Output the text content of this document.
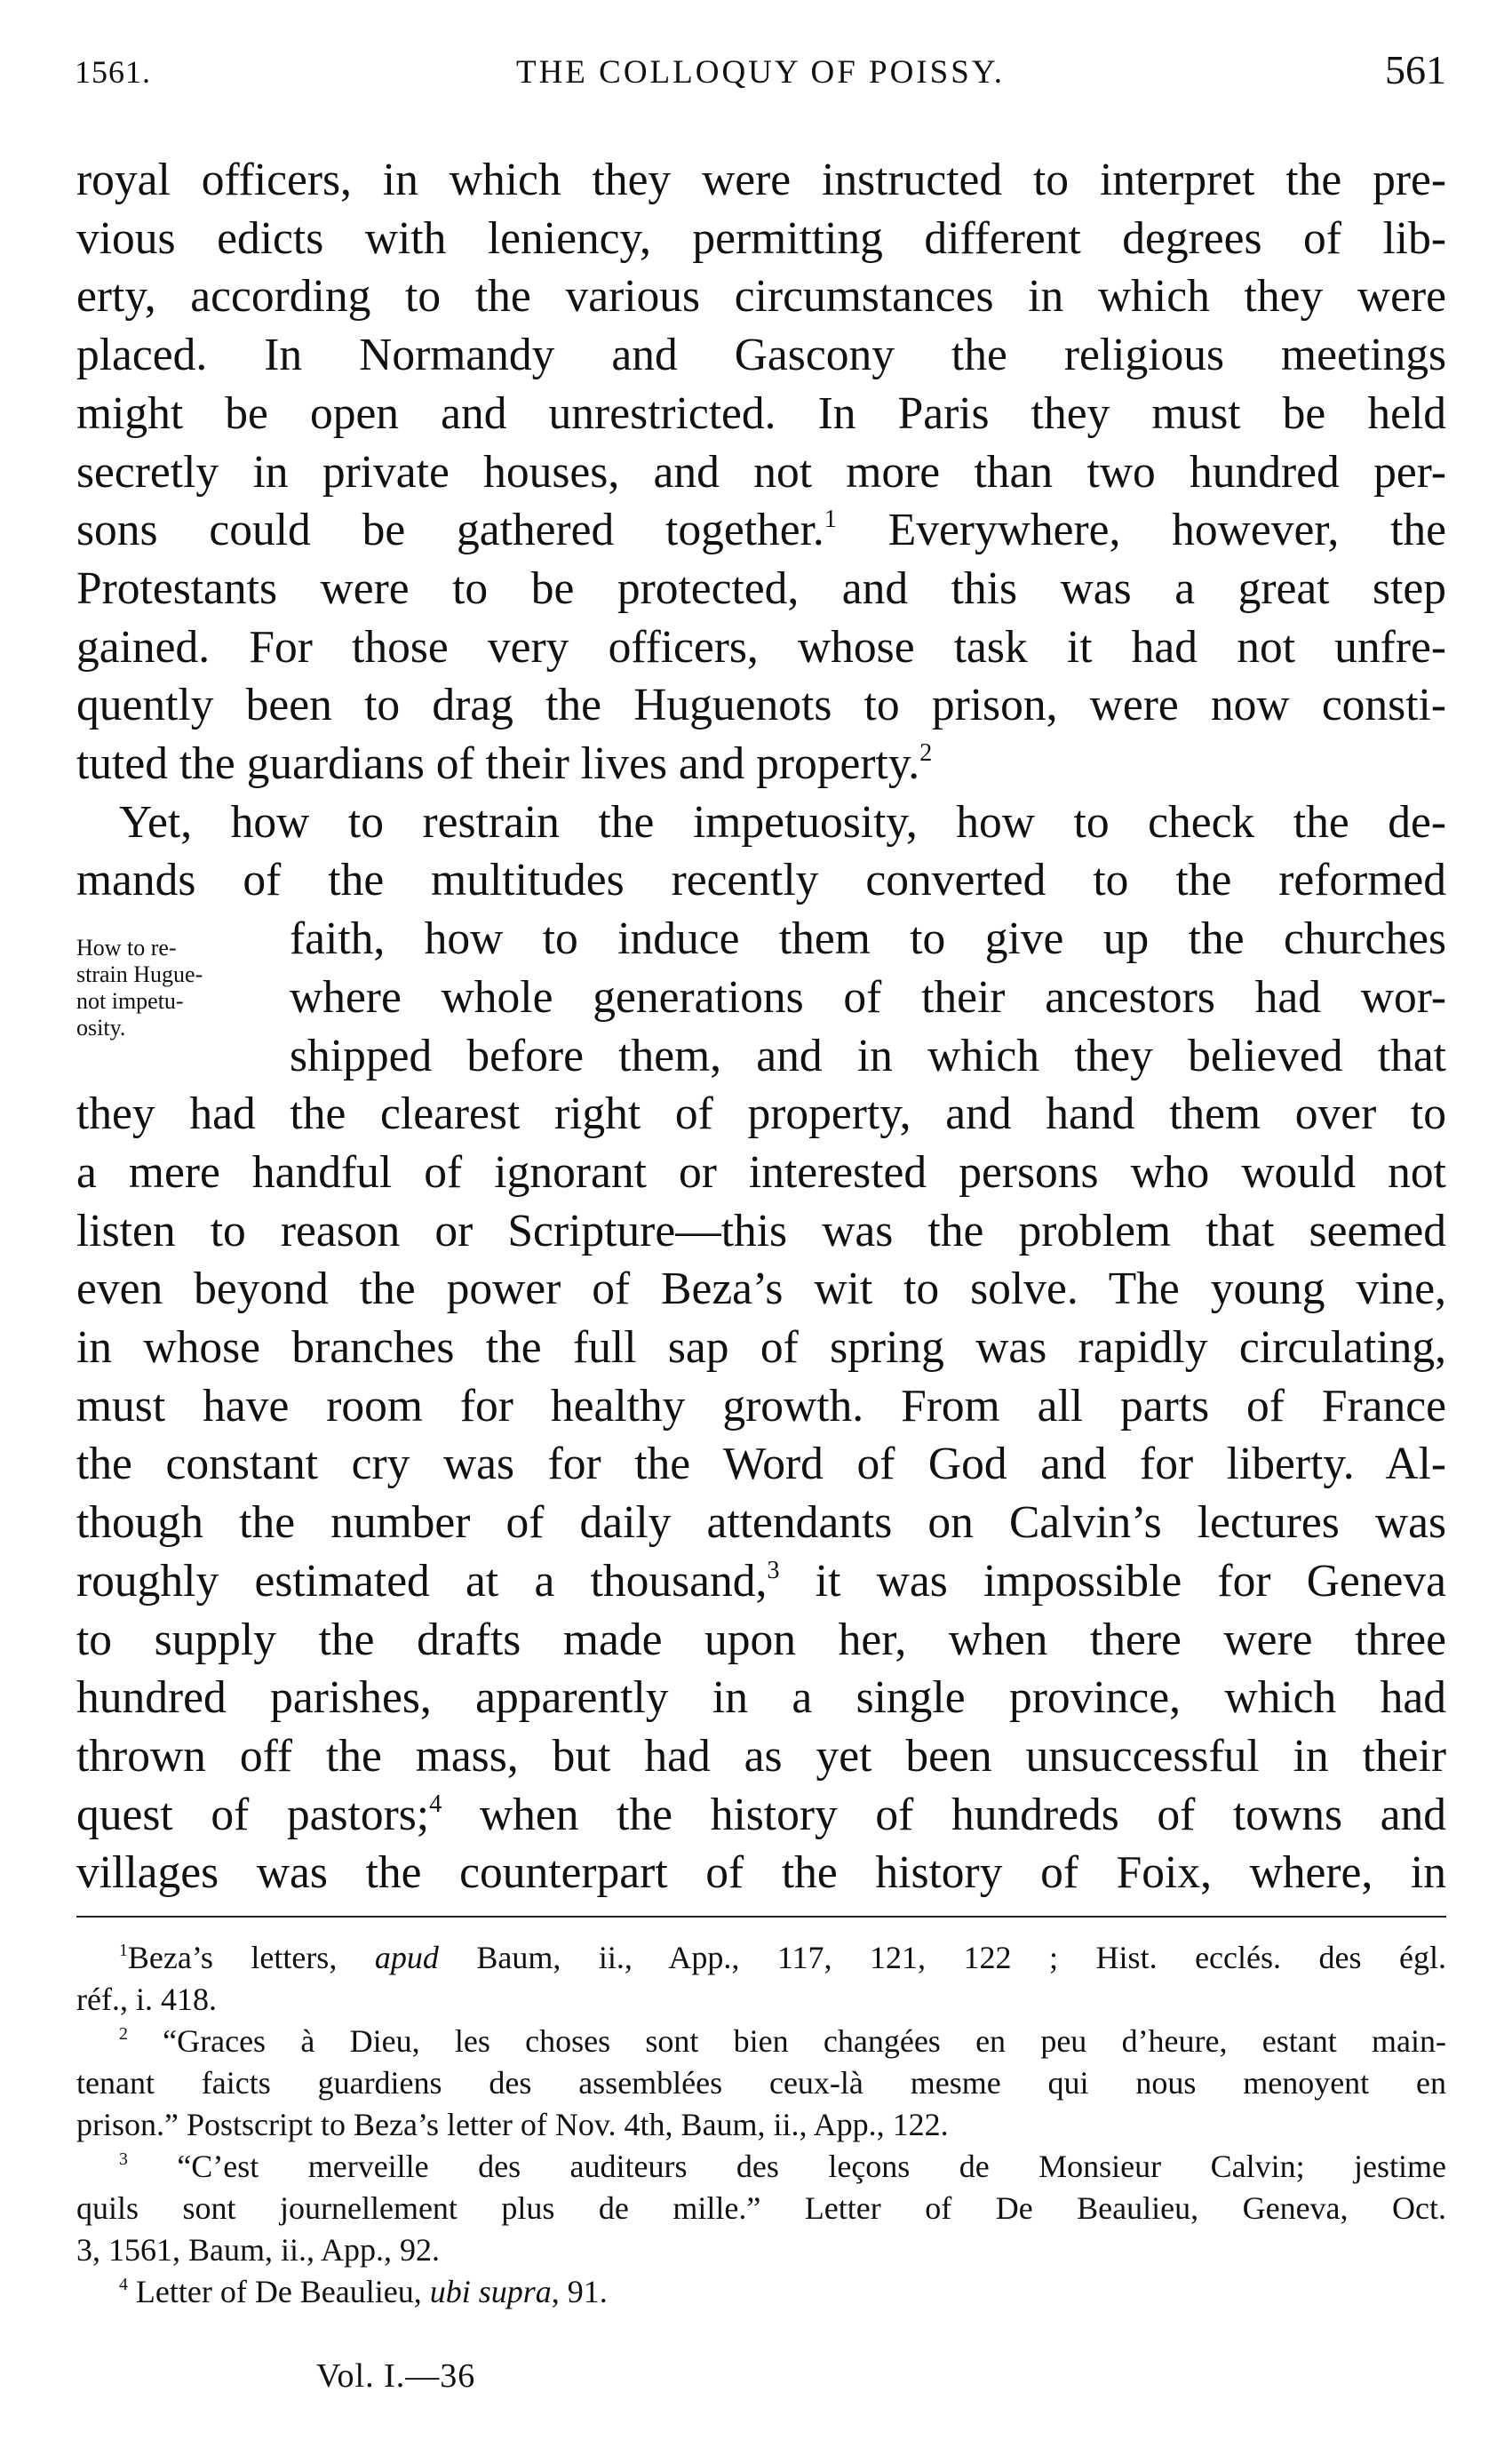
1561.	THE COLLOQUY OF POISSY.	561
royal officers, in which they were instructed to interpret the pre-
vious edicts with leniency, permitting different degrees of lib-
erty, according to the various circumstances in which they were
placed. In Normandy and Gascony the religious meetings
might be open and unrestricted. In Paris they must be held
secretly in private houses, and not more than two hundred per-
sons could be gathered together.$^1$ Everywhere, however, the
Protestants were to be protected, and this was a great step
gained. For those very officers, whose task it had not unfre-
quently been to drag the Huguenots to prison, were now consti-
tuted the guardians of their lives and property.$^2$
Yet, how to restrain the impetuosity, how to check the de-
mands of the multitudes recently converted to the reformed
How to re-
strain Hugue-
not impetu-
osity.
faith, how to induce them to give up the churches
where whole generations of their ancestors had wor-
shipped before them, and in which they believed that
they had the clearest right of property, and hand them over to
a mere handful of ignorant or interested persons who would not
listen to reason or Scripture—this was the problem that seemed
even beyond the power of Beza’s wit to solve. The young vine,
in whose branches the full sap of spring was rapidly circulating,
must have room for healthy growth. From all parts of France
the constant cry was for the Word of God and for liberty. Al-
though the number of daily attendants on Calvin’s lectures was
roughly estimated at a thousand,$^3$ it was impossible for Geneva
to supply the drafts made upon her, when there were three
hundred parishes, apparently in a single province, which had
thrown off the mass, but had as yet been unsuccessful in their
quest of pastors;$^4$ when the history of hundreds of towns and
villages was the counterpart of the history of Foix, where, in
$^1$Beza’s letters, apud Baum, ii., App., 117, 121, 122 ; Hist. ecclés. des égl.
réf., i. 418.
$^2$ “Graces à Dieu, les choses sont bien changées en peu d’heure, estant main-
tenant faicts guardiens des assemblées ceux-là mesme qui nous menoyent en
prison.” Postscript to Beza’s letter of Nov. 4th, Baum, ii., App., 122.
$^3$ “C’est merveille des auditeurs des leçons de Monsieur Calvin; jestime
quils sont journellement plus de mille.” Letter of De Beaulieu, Geneva, Oct.
3, 1561, Baum, ii., App., 92.
$^4$ Letter of De Beaulieu, ubi supra, 91.
Vol. I.—36
